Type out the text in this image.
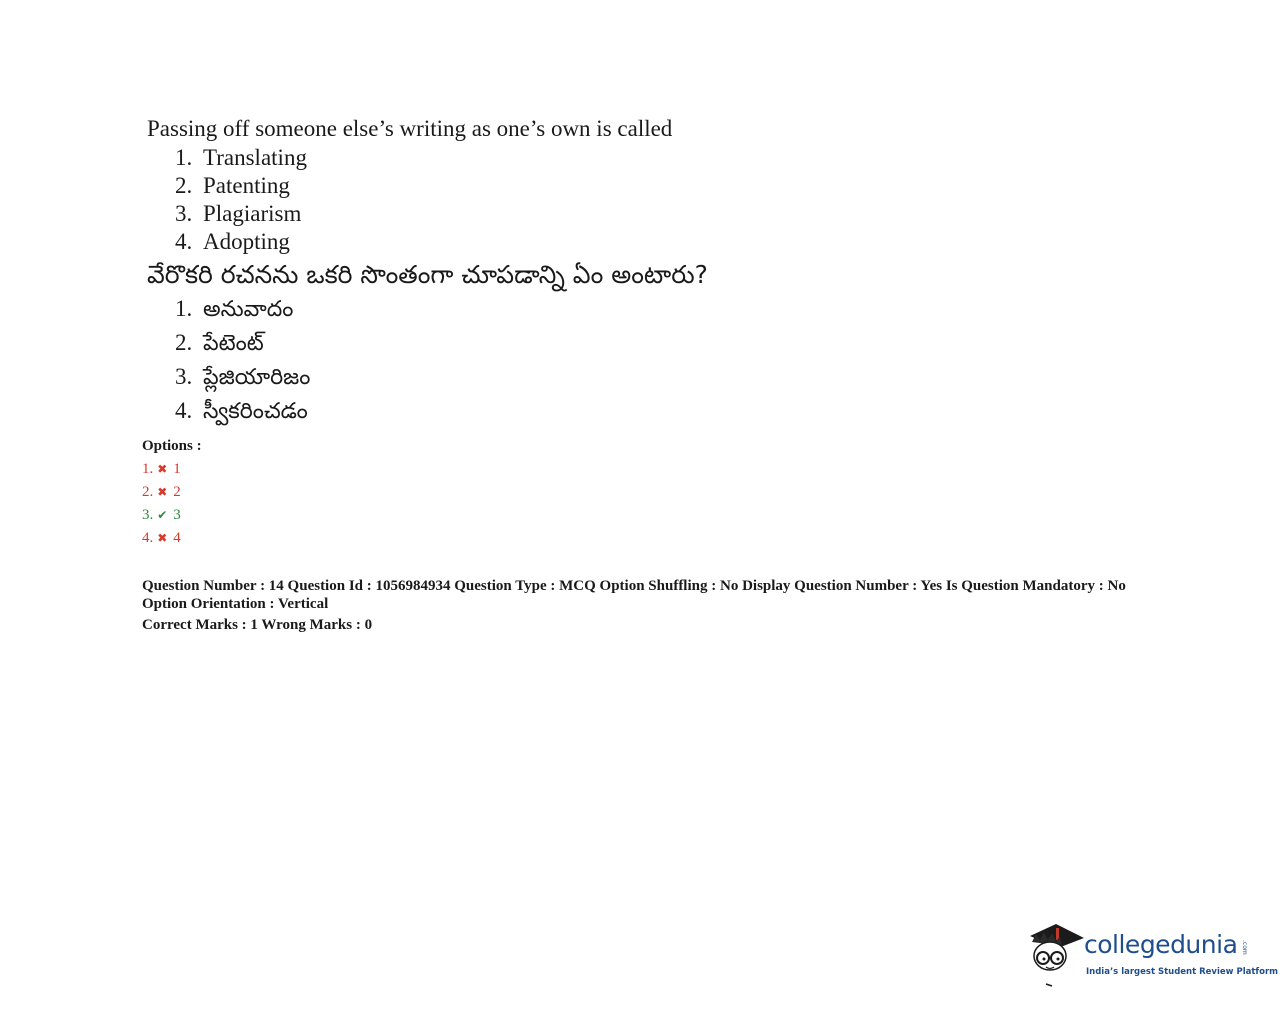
Passing off someone else’s writing as one’s own is called

1. Translating
2. Patenting
3. Plagiarism
4. Adopting

వేరొకరి రచనను ఒకరి సొంతంగా చూపడాన్ని ఏం అంటారు?

1. అనువాదం
2. పేటెంట్
3. ప్లేజియారిజం
4. స్వీకరించడం
Options :
1. ✖ 1
2. ✖ 2
3. ✔ 3
4. ✖ 4
Question Number : 14 Question Id : 1056984934 Question Type : MCQ Option Shuffling : No Display Question Number : Yes Is Question Mandatory : No
Option Orientation : Vertical
Correct Marks : 1 Wrong Marks : 0
collegedunia .com
India’s largest Student Review Platform
